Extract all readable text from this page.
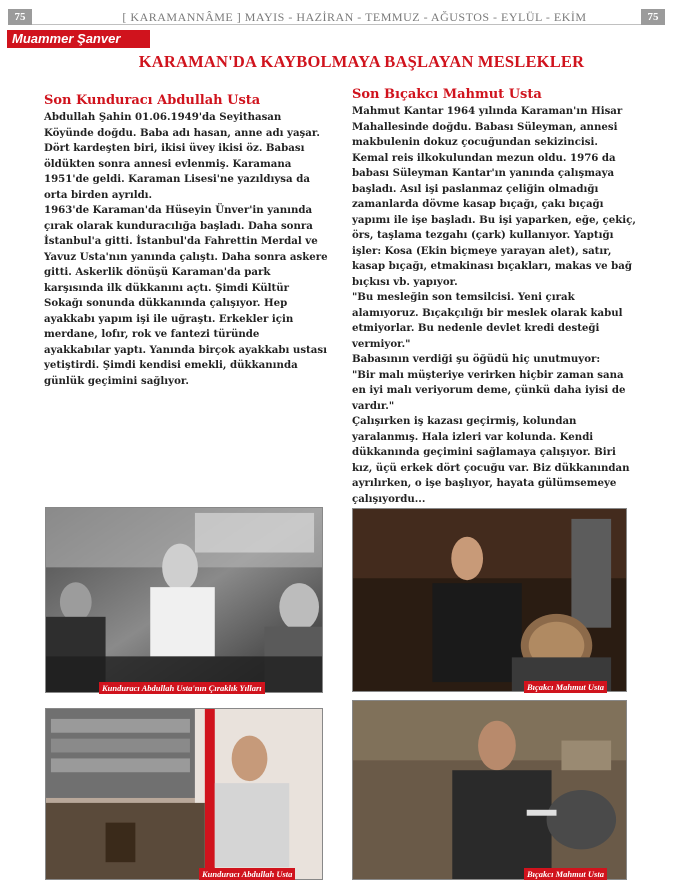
75	[ KARAMANNÂME ] MAYIS - HAZİRAN - TEMMUZ - AĞUSTOS - EYLÜL - EKİM	75
Muammer Şanver
KARAMAN'DA KAYBOLMAYA BAŞLAYAN MESLEKLER
Son Kunduracı Abdullah Usta

Abdullah Şahin 01.06.1949'da Seyithasan Köyünde doğdu. Baba adı hasan, anne adı yaşar. Dört kardeşten biri, ikisi üvey ikisi öz. Babası öldükten sonra annesi evlenmiş. Karamana 1951'de geldi. Karaman Lisesi'ne yazıldıysa da orta birden ayrıldı.

1963'de Karaman'da Hüseyin Ünver'in yanında çırak olarak kunduracılığa başladı. Daha sonra İstanbul'a gitti. İstanbul'da Fahrettin Merdal ve Yavuz Usta'nın yanında çalıştı. Daha sonra askere gitti. Askerlik dönüşü Karaman'da park karşısında ilk dükkanını açtı. Şimdi Kültür Sokağı sonunda dükkanında çalışıyor. Hep ayakkabı yapım işi ile uğraştı. Erkekler için merdane, lofır, rok ve fantezi türünde ayakkabılar yaptı. Yanında birçok ayakkabı ustası yetiştirdi. Şimdi kendisi emekli, dükkanında günlük geçimini sağlıyor.

Son Bıçakcı Mahmut Usta

Mahmut Kantar 1964 yılında Karaman'ın Hisar Mahallesinde doğdu. Babası Süleyman, annesi makbulenin dokuz çocuğundan sekizincisi. Kemal reis ilkokulundan mezun oldu. 1976 da babası Süleyman Kantar'ın yanında çalışmaya başladı. Asıl işi paslanmaz çeliğin olmadığı zamanlarda dövme kasap bıçağı, çakı bıçağı yapımı ile işe başladı. Bu işi yaparken, eğe, çekiç, örs, taşlama tezgahı (çark) kullanıyor. Yaptığı işler: Kosa (Ekin biçmeye yarayan alet), satır, kasap bıçağı, etmakinası bıçakları, makas ve bağ bıçkısı vb. yapıyor.

"Bu mesleğin son temsilcisi. Yeni çırak alamıyoruz. Bıçakçılığı bir meslek olarak kabul etmiyorlar. Bu nedenle devlet kredi desteği vermiyor."

Babasının verdiği şu öğüdü hiç unutmuyor:

"Bir malı müşteriye verirken hiçbir zaman sana en iyi malı veriyorum deme, çünkü daha iyisi de vardır."

Çalışırken iş kazası geçirmiş, kolundan yaralanmış. Hala izleri var kolunda. Kendi dükkanında geçimini sağlamaya çalışıyor. Biri kız, üçü erkek dört çocuğu var. Biz dükkanından ayrılırken, o işe başlıyor, hayata gülümsemeye çalışıyordu...

Kunduracı Abdullah Usta'nın Çıraklık Yılları	Bıçakcı Mahmut Usta
Kunduracı Abdullah Usta	Bıçakcı Mahmut Usta
